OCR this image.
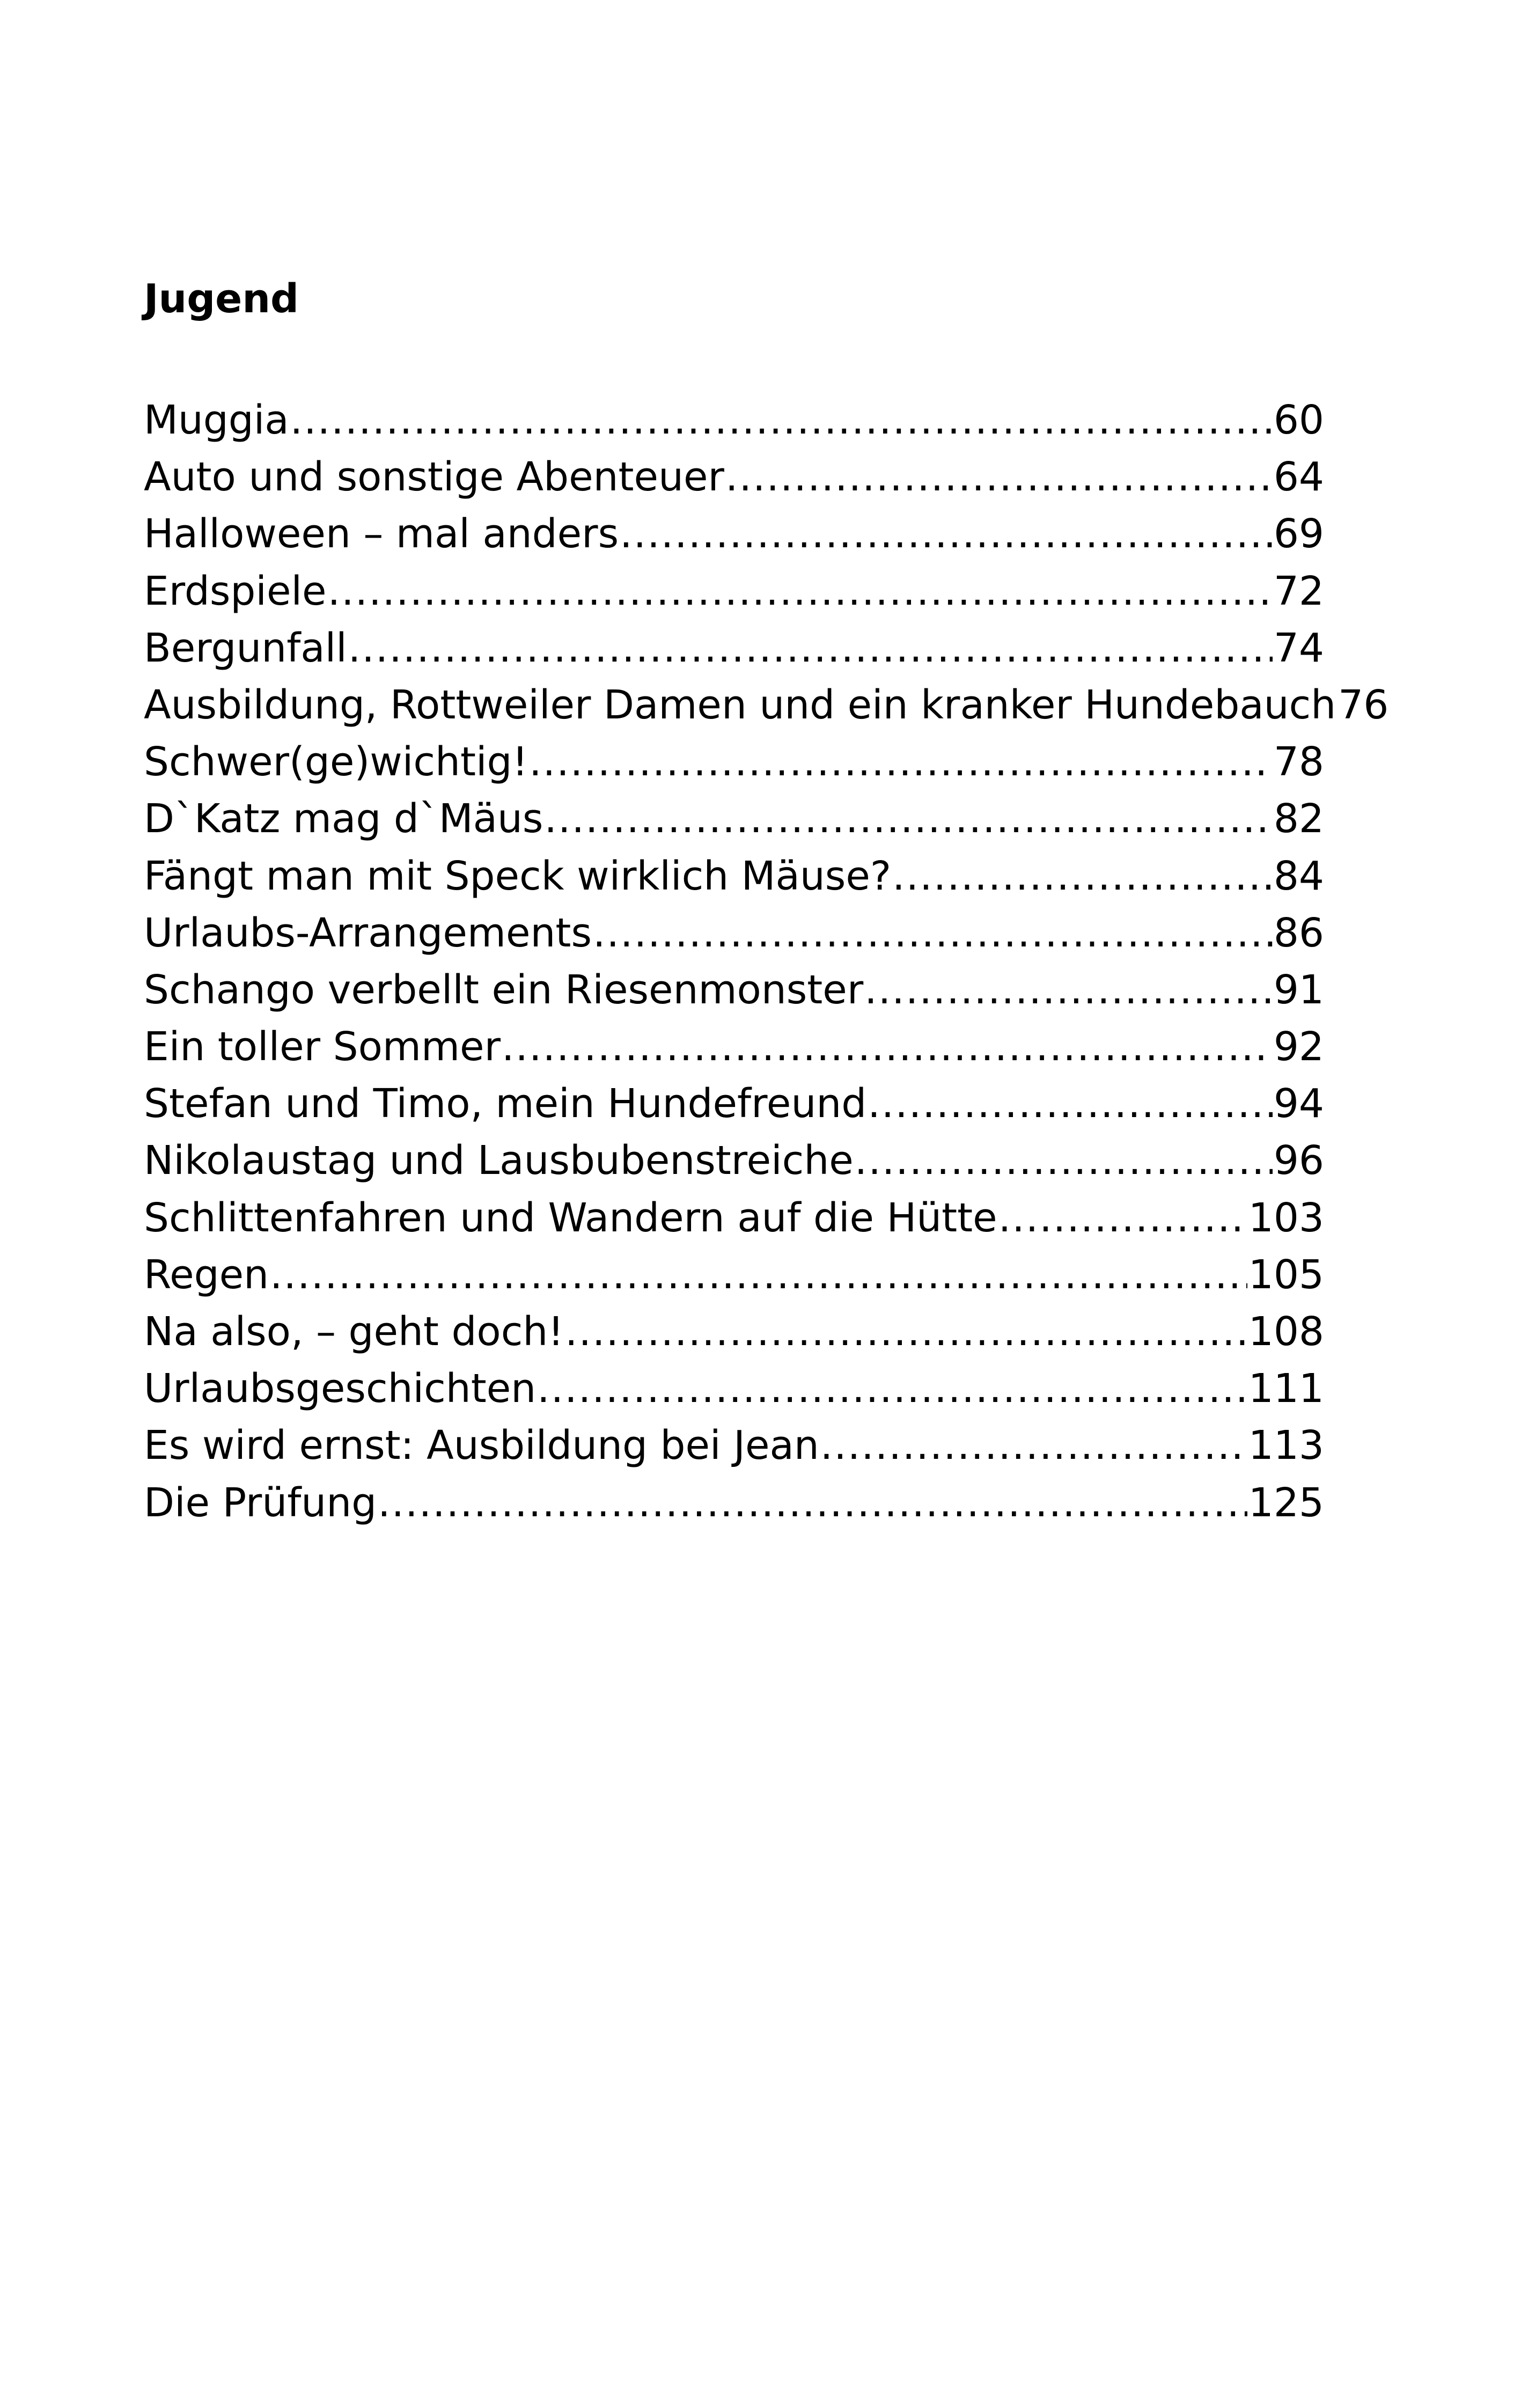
Jugend
Muggia .....	60
Auto und sonstige Abenteuer .....	64
Halloween – mal anders .....	69
Erdspiele .....	72
Bergunfall .....	74
Ausbildung, Rottweiler Damen und ein kranker Hundebauch 76
Schwer(ge)wichtig! .....	78
D`Katz mag d`Mäus .....	82
Fängt man mit Speck wirklich Mäuse? .....	84
Urlaubs-Arrangements .....	86
Schango verbellt ein Riesenmonster .....	91
Ein toller Sommer .....	92
Stefan und Timo, mein Hundefreund .....	94
Nikolaustag und Lausbubenstreiche .....	96
Schlittenfahren und Wandern auf die Hütte .....	103
Regen .....	105
Na also, – geht doch! .....	108
Urlaubsgeschichten .....	111
Es wird ernst: Ausbildung bei Jean .....	113
Die Prüfung .....	125
